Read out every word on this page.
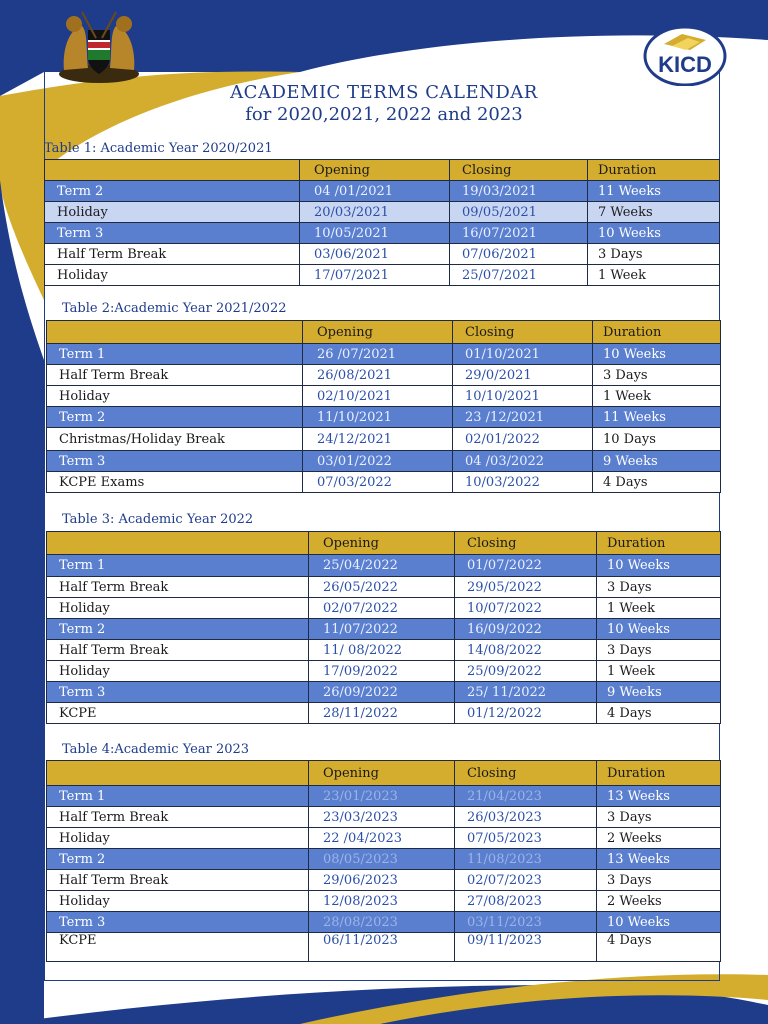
KICD
ACADEMIC TERMS CALENDAR
for 2020,2021, 2022 and 2023
Table 1: Academic Year 2020/2021
	Opening	Closing	Duration
Term 2	04 /01/2021	19/03/2021	11 Weeks
Holiday	20/03/2021	09/05/2021	7 Weeks
Term 3	10/05/2021	16/07/2021	10 Weeks
Half Term Break	03/06/2021	07/06/2021	3 Days
Holiday	17/07/2021	25/07/2021	1 Week
Table 2:Academic Year 2021/2022
	Opening	Closing	Duration
Term 1	26 /07/2021	01/10/2021	10 Weeks
Half Term Break	26/08/2021	29/0/2021	3 Days
Holiday	02/10/2021	10/10/2021	1 Week
Term 2	11/10/2021	23 /12/2021	11 Weeks
Christmas/Holiday Break	24/12/2021	02/01/2022	10 Days
Term 3	03/01/2022	04 /03/2022	9 Weeks
KCPE Exams	07/03/2022	10/03/2022	4 Days
Table 3: Academic Year 2022
	Opening	Closing	Duration
Term 1	25/04/2022	01/07/2022	10 Weeks
Half Term Break	26/05/2022	29/05/2022	3 Days
Holiday	02/07/2022	10/07/2022	1 Week
Term 2	11/07/2022	16/09/2022	10 Weeks
Half Term Break	11/ 08/2022	14/08/2022	3 Days
Holiday	17/09/2022	25/09/2022	1 Week
Term 3	26/09/2022	25/ 11/2022	9 Weeks
KCPE	28/11/2022	01/12/2022	4 Days
Table 4:Academic Year 2023
	Opening	Closing	Duration
Term 1	23/01/2023	21/04/2023	13 Weeks
Half Term Break	23/03/2023	26/03/2023	3 Days
Holiday	22 /04/2023	07/05/2023	2 Weeks
Term 2	08/05/2023	11/08/2023	13 Weeks
Half Term Break	29/06/2023	02/07/2023	3 Days
Holiday	12/08/2023	27/08/2023	2 Weeks
Term 3	28/08/2023	03/11/2023	10 Weeks
KCPE	06/11/2023	09/11/2023	4 Days
